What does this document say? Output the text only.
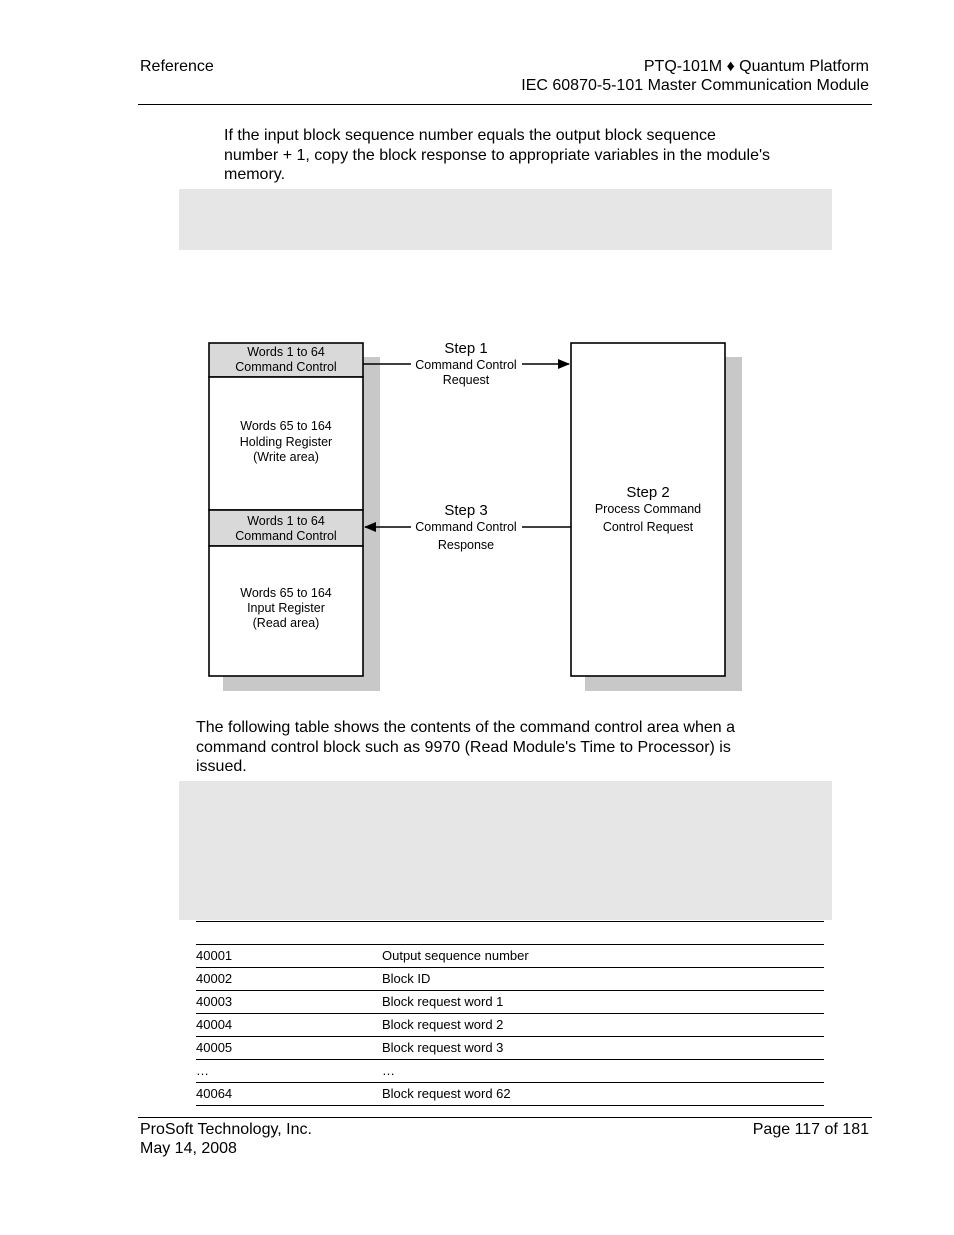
Reference	PTQ-101M ♦ Quantum Platform
IEC 60870-5-101 Master Communication Module
If the input block sequence number equals the output block sequence
number + 1, copy the block response to appropriate variables in the module's
memory.
Words 1 to 64
Command Control
Words 65 to 164
Holding Register
(Write area)
Words 1 to 64
Command Control
Words 65 to 164
Input Register
(Read area)
Step 1
Command Control
Request
Step 3
Command Control
Response
Step 2
Process Command
Control Request
The following table shows the contents of the command control area when a
command control block such as 9970 (Read Module's Time to Processor) is
issued.
40001	Output sequence number
40002	Block ID
40003	Block request word 1
40004	Block request word 2
40005	Block request word 3
…	…
40064	Block request word 62
ProSoft Technology, Inc.
May 14, 2008
Page 117 of 181
